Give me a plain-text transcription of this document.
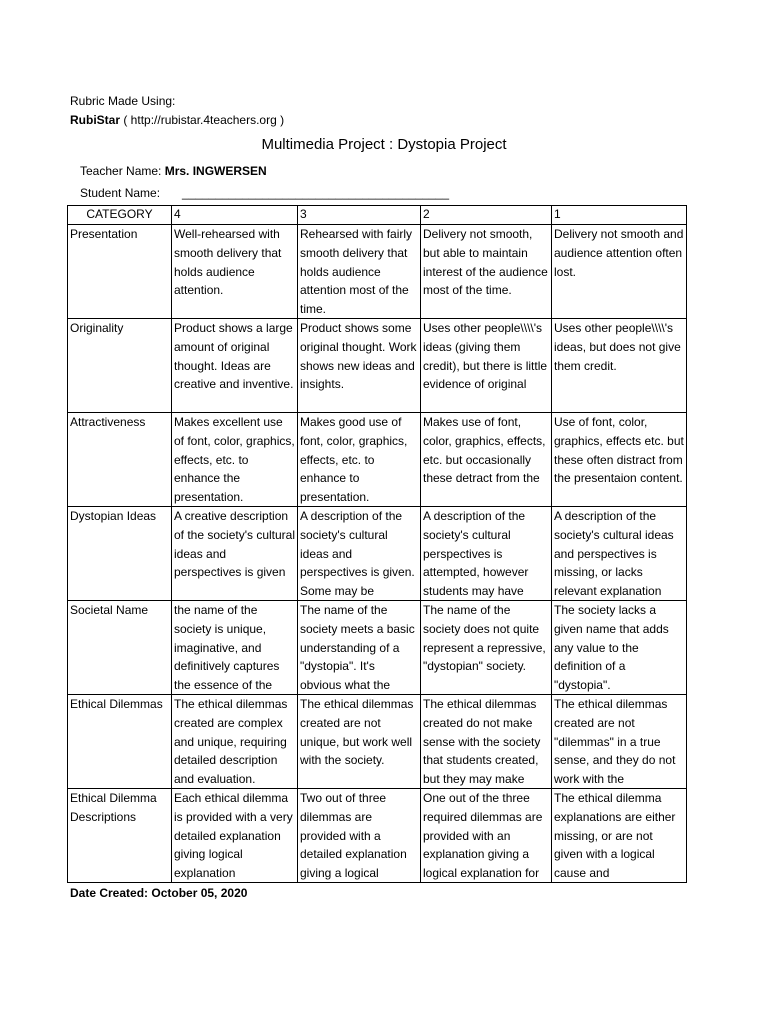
Rubric Made Using:
RubiStar ( http://rubistar.4teachers.org )
Multimedia Project : Dystopia Project
Teacher Name: Mrs. INGWERSEN
Student Name: ________________________________________
CATEGORY	4	3	2	1

Presentation	Well-rehearsed with smooth delivery that holds audience attention.	Rehearsed with fairly smooth delivery that holds audience attention most of the time.	Delivery not smooth, but able to maintain interest of the audience most of the time.	Delivery not smooth and audience attention often lost.

Originality	Product shows a large amount of original thought. Ideas are creative and inventive.	Product shows some original thought. Work shows new ideas and insights.	Uses other people\\\\'s ideas (giving them credit), but there is little evidence of original	Uses other people\\\\'s ideas, but does not give them credit.

Attractiveness	Makes excellent use of font, color, graphics, effects, etc. to enhance the presentation.	Makes good use of font, color, graphics, effects, etc. to enhance to presentation.	Makes use of font, color, graphics, effects, etc. but occasionally these detract from the	Use of font, color, graphics, effects etc. but these often distract from the presentaion content.

Dystopian Ideas	A creative description of the society's cultural ideas and perspectives is given	A description of the society's cultural ideas and perspectives is given. Some may be	A description of the society's cultural perspectives is attempted, however students may have	A description of the society's cultural ideas and perspectives is missing, or lacks relevant explanation

Societal Name	the name of the society is unique, imaginative, and definitively captures the essence of the	The name of the society meets a basic understanding of a "dystopia". It's obvious what the	The name of the society does not quite represent a repressive, "dystopian" society.	The society lacks a given name that adds any value to the definition of a "dystopia".

Ethical Dilemmas	The ethical dilemmas created are complex and unique, requiring detailed description and evaluation.	The ethical dilemmas created are not unique, but work well with the society.	The ethical dilemmas created do not make sense with the society that students created, but they may make	The ethical dilemmas created are not "dilemmas" in a true sense, and they do not work with the

Ethical Dilemma Descriptions	Each ethical dilemma is provided with a very detailed explanation giving logical explanation	Two out of three dilemmas are provided with a detailed explanation giving a logical	One out of the three required dilemmas are provided with an explanation giving a logical explanation for	The ethical dilemma explanations are either missing, or are not given with a logical cause and
Date Created: October 05, 2020
